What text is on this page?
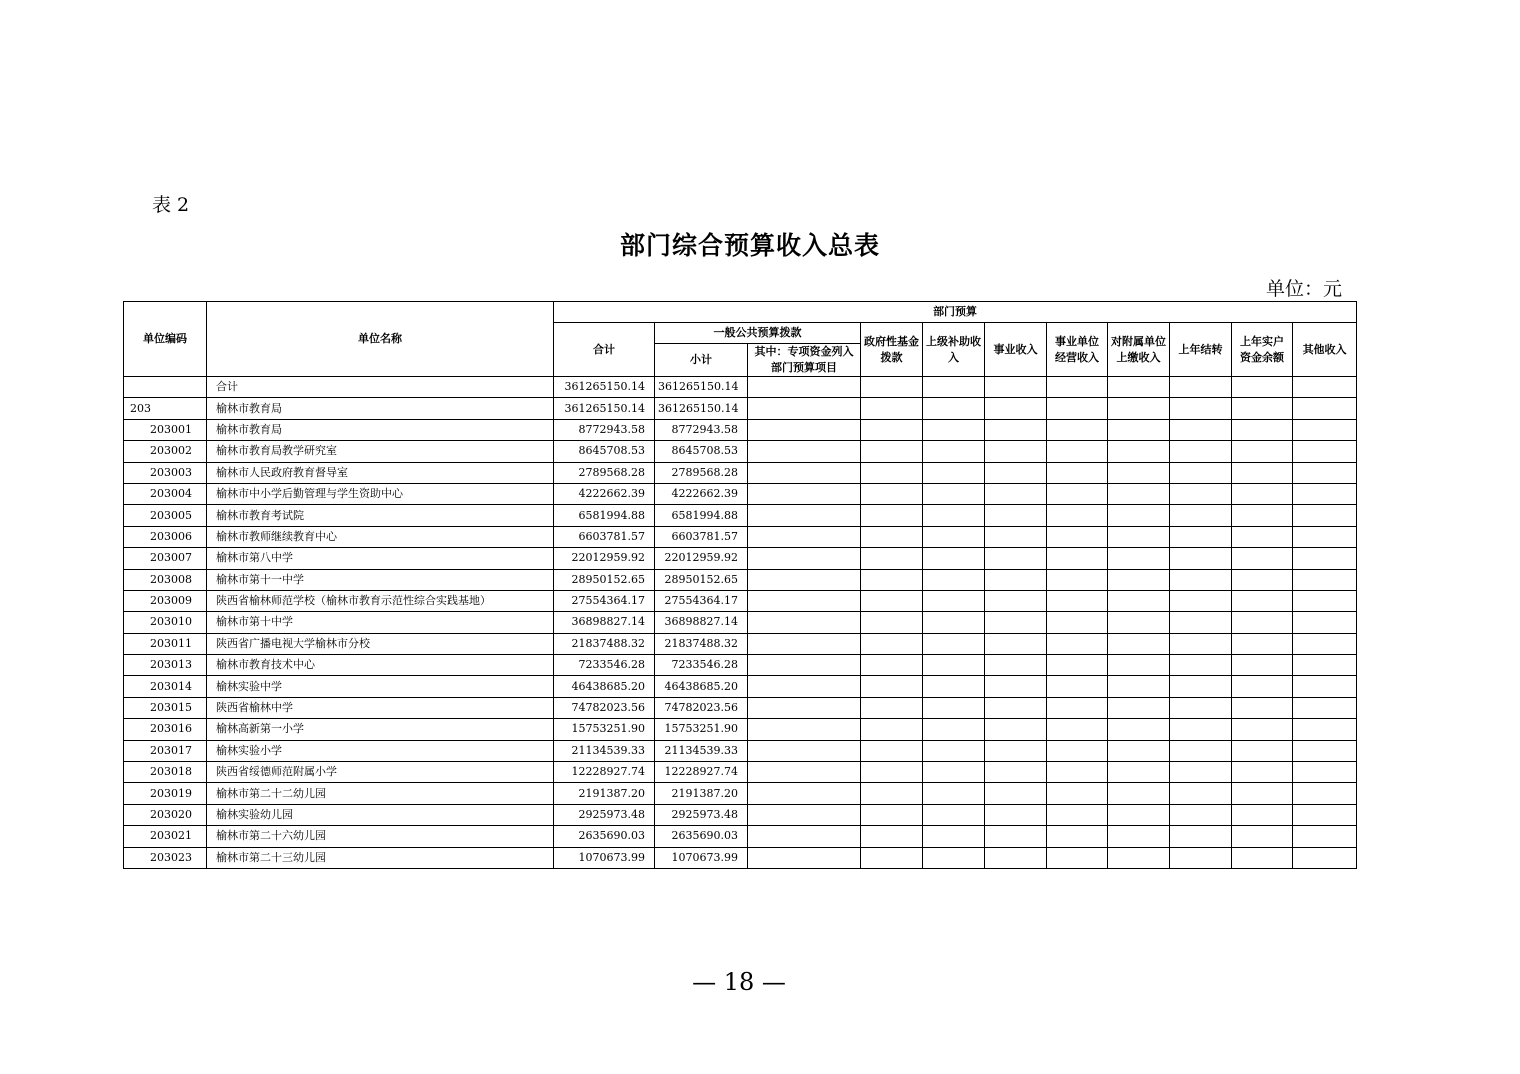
表 2
部门综合预算收入总表
单位：元
单位编码	单位名称	部门预算										
		合计	一般公共预算拨款		政府性基金拨款	上级补助收入	事业收入	事业单位经营收入	对附属单位上缴收入	上年结转	上年实户资金余额	其他收入
			小计	其中：专项资金列入部门预算项目								
	合计	361265150.14	361265150.14									
203	榆林市教育局	361265150.14	361265150.14									
203001	榆林市教育局	8772943.58	8772943.58									
203002	榆林市教育局教学研究室	8645708.53	8645708.53									
203003	榆林市人民政府教育督导室	2789568.28	2789568.28									
203004	榆林市中小学后勤管理与学生资助中心	4222662.39	4222662.39									
203005	榆林市教育考试院	6581994.88	6581994.88									
203006	榆林市教师继续教育中心	6603781.57	6603781.57									
203007	榆林市第八中学	22012959.92	22012959.92									
203008	榆林市第十一中学	28950152.65	28950152.65									
203009	陕西省榆林师范学校（榆林市教育示范性综合实践基地）	27554364.17	27554364.17									
203010	榆林市第十中学	36898827.14	36898827.14									
203011	陕西省广播电视大学榆林市分校	21837488.32	21837488.32									
203013	榆林市教育技术中心	7233546.28	7233546.28									
203014	榆林实验中学	46438685.20	46438685.20									
203015	陕西省榆林中学	74782023.56	74782023.56									
203016	榆林高新第一小学	15753251.90	15753251.90									
203017	榆林实验小学	21134539.33	21134539.33									
203018	陕西省绥德师范附属小学	12228927.74	12228927.74									
203019	榆林市第二十二幼儿园	2191387.20	2191387.20									
203020	榆林实验幼儿园	2925973.48	2925973.48									
203021	榆林市第二十六幼儿园	2635690.03	2635690.03									
203023	榆林市第二十三幼儿园	1070673.99	1070673.99									
— 18 —
